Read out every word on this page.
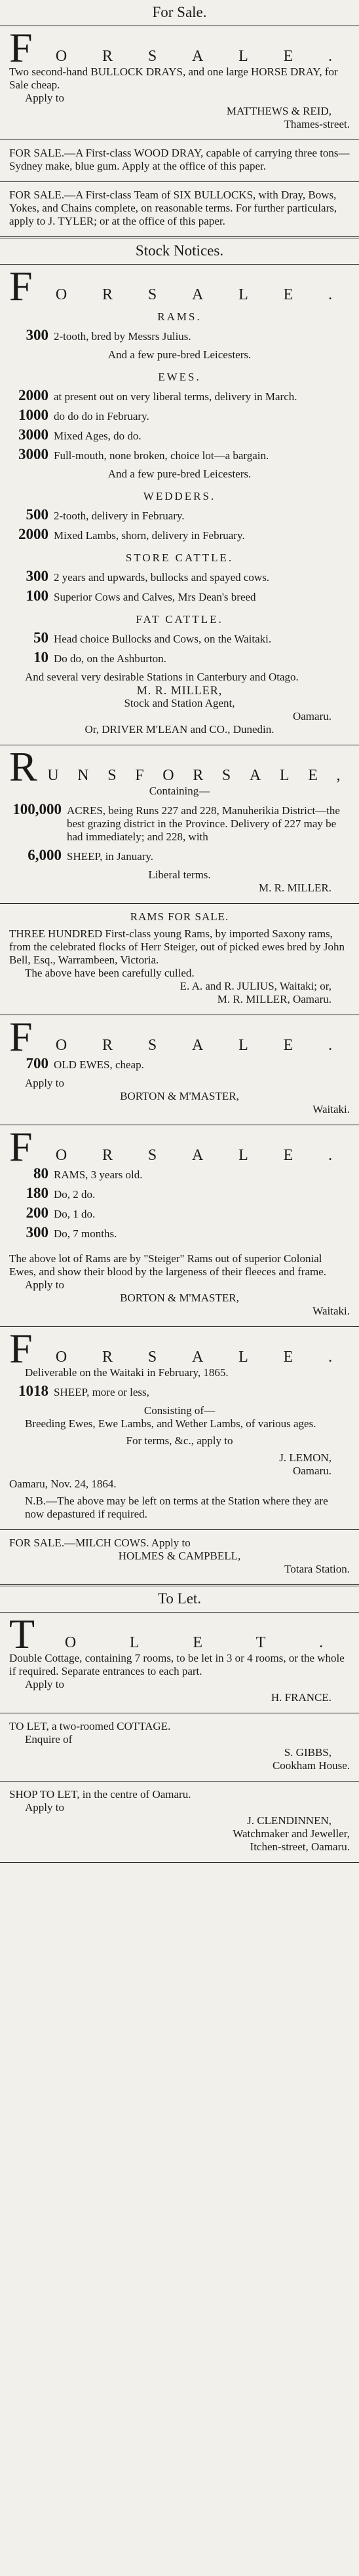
For Sale.
F	O R S A L E .

Two second-hand BULLOCK DRAYS, and one large HORSE DRAY, for Sale cheap.

Apply to

MATTHEWS & REID,

Thames-street.

FOR SALE.—A First-class WOOD DRAY, capable of carrying three tons—Sydney make, blue gum. Apply at the office of this paper.

FOR SALE.—A First-class Team of SIX BULLOCKS, with Dray, Bows, Yokes, and Chains complete, on reasonable terms. For further particulars, apply to J. TYLER; or at the office of this paper.

Stock Notices.
F	O R S A L E .
RAMS.
300 2-tooth, bred by Messrs Julius.

And a few pure-bred Leicesters.

EWES.
2000 at present out on very liberal terms, delivery in March.
1000 do do do in February.
3000 Mixed Ages, do do.
3000 Full-mouth, none broken, choice lot—a bargain.

And a few pure-bred Leicesters.

WEDDERS.
500 2-tooth, delivery in February.
2000 Mixed Lambs, shorn, delivery in February.
STORE CATTLE.
300 2 years and upwards, bullocks and spayed cows.
100 Superior Cows and Calves, Mrs Dean's breed
FAT CATTLE.
50 Head choice Bullocks and Cows, on the Waitaki.
10 Do do, on the Ashburton.

And several very desirable Stations in Canterbury and Otago.

M. R. MILLER,

Stock and Station Agent,

Oamaru.

Or, DRIVER M'LEAN and CO., Dunedin.

R U N S F O R S A L E ,

Containing—

100,000 ACRES, being Runs 227 and 228, Manuherikia District—the best grazing district in the Province. Delivery of 227 may be had immediately; and 228, with
6,000 SHEEP, in January.

Liberal terms.

M. R. MILLER.

RAMS FOR SALE.

THREE HUNDRED First-class young Rams, by imported Saxony rams, from the celebrated flocks of Herr Steiger, out of picked ewes bred by John Bell, Esq., Warrambeen, Victoria.

The above have been carefully culled.

E. A. and R. JULIUS, Waitaki; or,

M. R. MILLER, Oamaru.

F	O R S A L E .
700 OLD EWES, cheap.

Apply to

BORTON & M'MASTER,

Waitaki.

F	O R S A L E .
80 RAMS, 3 years old.
180 Do, 2 do.
200 Do, 1 do.
300 Do, 7 months.

The above lot of Rams are by "Steiger" Rams out of superior Colonial Ewes, and show their blood by the largeness of their fleeces and frame.

Apply to

BORTON & M'MASTER,

Waitaki.

F	O R S A L E .

Deliverable on the Waitaki in February, 1865.

1018 SHEEP, more or less,

Consisting of—

Breeding Ewes, Ewe Lambs, and Wether Lambs, of various ages.

For terms, &c., apply to

J. LEMON,

Oamaru.

Oamaru, Nov. 24, 1864.

N.B.—The above may be left on terms at the Station where they are now depastured if required.

FOR SALE.—MILCH COWS. Apply to

HOLMES & CAMPBELL,

Totara Station.

To Let.
T O	L	E	T	.

Double Cottage, containing 7 rooms, to be let in 3 or 4 rooms, or the whole if required. Separate entrances to each part.

Apply to

H. FRANCE.

TO LET, a two-roomed COTTAGE.

Enquire of

S. GIBBS,

Cookham House.

SHOP TO LET, in the centre of Oamaru.

Apply to

J. CLENDINNEN,

Watchmaker and Jeweller,

Itchen-street, Oamaru.
